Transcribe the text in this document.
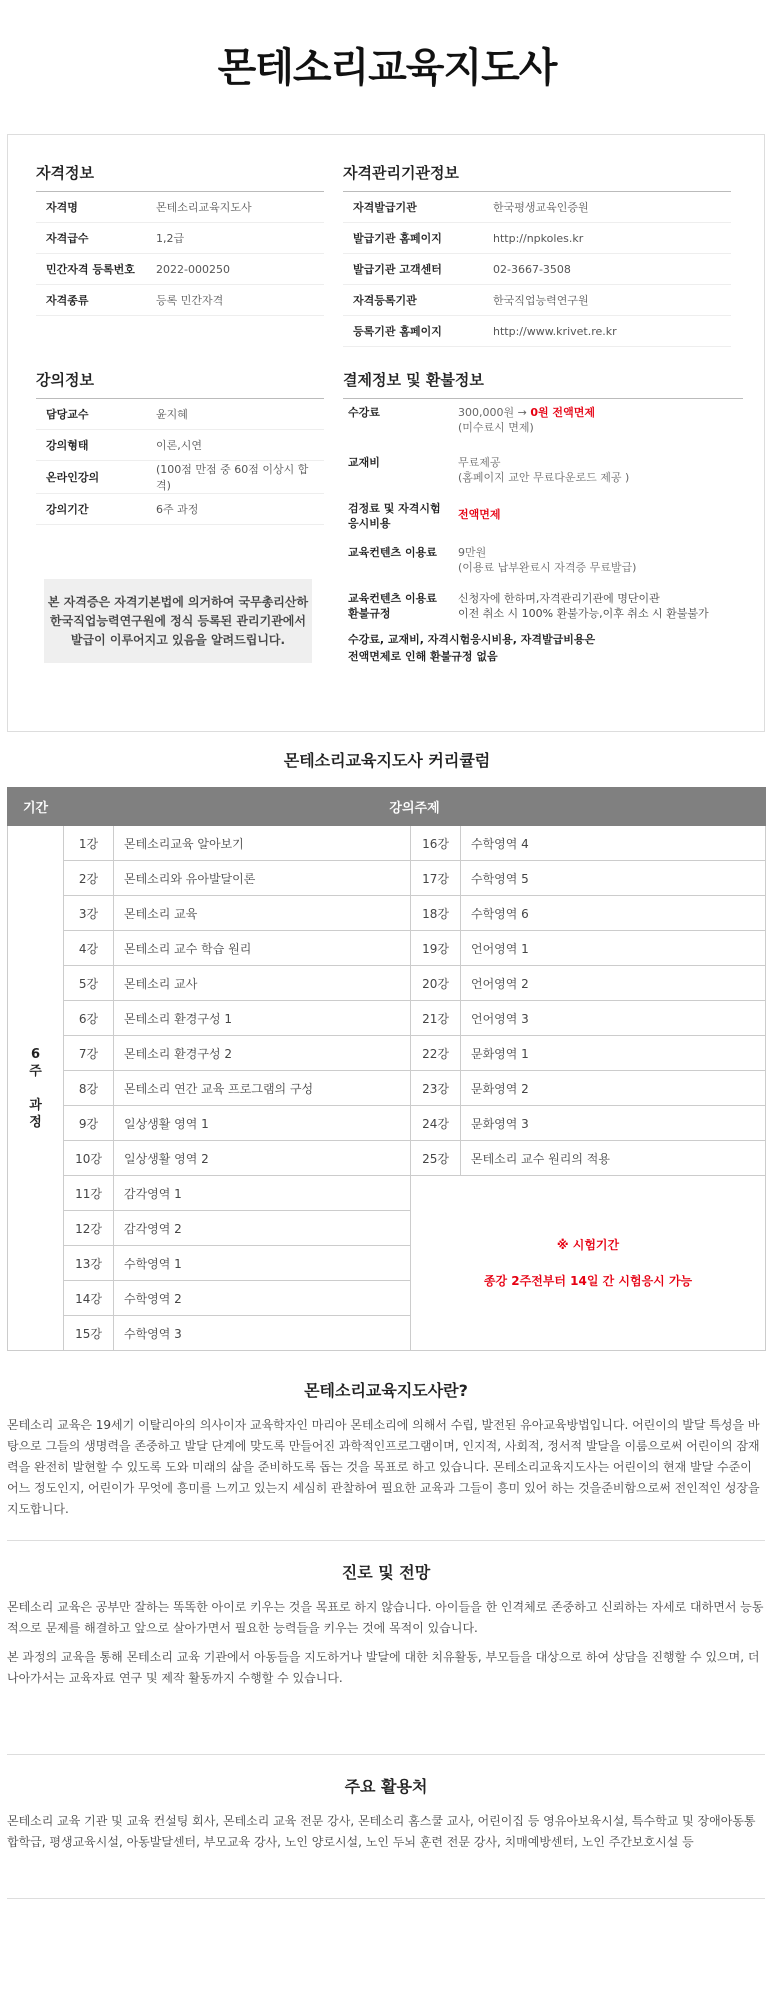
몬테소리교육지도사
자격정보
자격명	몬테소리교육지도사
자격급수	1,2급
민간자격 등록번호	2022-000250
자격종류	등록 민간자격
자격관리기관정보
자격발급기관	한국평생교육인증원
발급기관 홈페이지	http://npkoles.kr
발급기관 고객센터	02-3667-3508
자격등록기관	한국직업능력연구원
등록기관 홈페이지	http://www.krivet.re.kr
강의정보
담당교수	윤지혜
강의형태	이론,시연
온라인강의	(100점 만점 중 60점 이상시 합격)
강의기간	6주 과정
본 자격증은 자격기본법에 의거하여 국무총리산하 한국직업능력연구원에 정식 등록된 관리기관에서 발급이 이루어지고 있음을 알려드립니다.
결제정보 및 환불정보
수강료	300,000원 → 0원 전액면제
(미수료시 면제)
교재비	무료제공
(홈페이지 교안 무료다운로드 제공 )
검정료 및 자격시험 응시비용	전액면제
교육컨텐츠 이용료	9만원
(이용료 납부완료시 자격증 무료발급)
교육컨텐츠 이용료 환불규정	신청자에 한하며,자격관리기관에 명단이관
이전 취소 시 100% 환불가능,이후 취소 시 환불불가
수강료, 교재비, 자격시험응시비용, 자격발급비용은
전액면제로 인해 환불규정 없음
몬테소리교육지도사 커리큘럼
기간	강의주제			
6
주

과
정	1강	몬테소리교육 알아보기	16강	수학영역 4
	2강	몬테소리와 유아발달이론	17강	수학영역 5
	3강	몬테소리 교육	18강	수학영역 6
	4강	몬테소리 교수 학습 원리	19강	언어영역 1
	5강	몬테소리 교사	20강	언어영역 2
	6강	몬테소리 환경구성 1	21강	언어영역 3
	7강	몬테소리 환경구성 2	22강	문화영역 1
	8강	몬테소리 연간 교육 프로그램의 구성	23강	문화영역 2
	9강	일상생활 영역 1	24강	문화영역 3
	10강	일상생활 영역 2	25강	몬테소리 교수 원리의 적용
	11강	감각영역 1	※ 시험기간
종강 2주전부터 14일 간 시험응시 가능	

	12강	감각영역 2		
	13강	수학영역 1		
	14강	수학영역 2		
	15강	수학영역 3		
몬테소리교육지도사란?

몬테소리 교육은 19세기 이탈리아의 의사이자 교육학자인 마리아 몬테소리에 의해서 수립, 발전된 유아교육방법입니다. 어린이의 발달 특성을 바탕으로 그들의 생명력을 존중하고 발달 단계에 맞도록 만들어진 과학적인프로그램이며, 인지적, 사회적, 정서적 발달을 이룸으로써 어린이의 잠재력을 완전히 발현할 수 있도록 도와 미래의 삶을 준비하도록 돕는 것을 목표로 하고 있습니다. 몬테소리교육지도사는 어린이의 현재 발달 수준이 어느 정도인지, 어린이가 무엇에 흥미를 느끼고 있는지 세심히 관찰하여 필요한 교육과 그들이 흥미 있어 하는 것을준비함으로써 전인적인 성장을 지도합니다.

진로 및 전망

몬테소리 교육은 공부만 잘하는 똑똑한 아이로 키우는 것을 목표로 하지 않습니다. 아이들을 한 인격체로 존중하고 신뢰하는 자세로 대하면서 능동적으로 문제를 해결하고 앞으로 살아가면서 필요한 능력들을 키우는 것에 목적이 있습니다.

본 과정의 교육을 통해 몬테소리 교육 기관에서 아동들을 지도하거나 발달에 대한 치유활동, 부모들을 대상으로 하여 상담을 진행할 수 있으며, 더 나아가서는 교육자료 연구 및 제작 활동까지 수행할 수 있습니다.

주요 활용처

몬테소리 교육 기관 및 교육 컨설팅 회사, 몬테소리 교육 전문 강사, 몬테소리 홈스쿨 교사, 어린이집 등 영유아보육시설, 특수학교 및 장애아동통합학급, 평생교육시설, 아동발달센터, 부모교육 강사, 노인 양로시설, 노인 두뇌 훈련 전문 강사, 치매예방센터, 노인 주간보호시설 등
